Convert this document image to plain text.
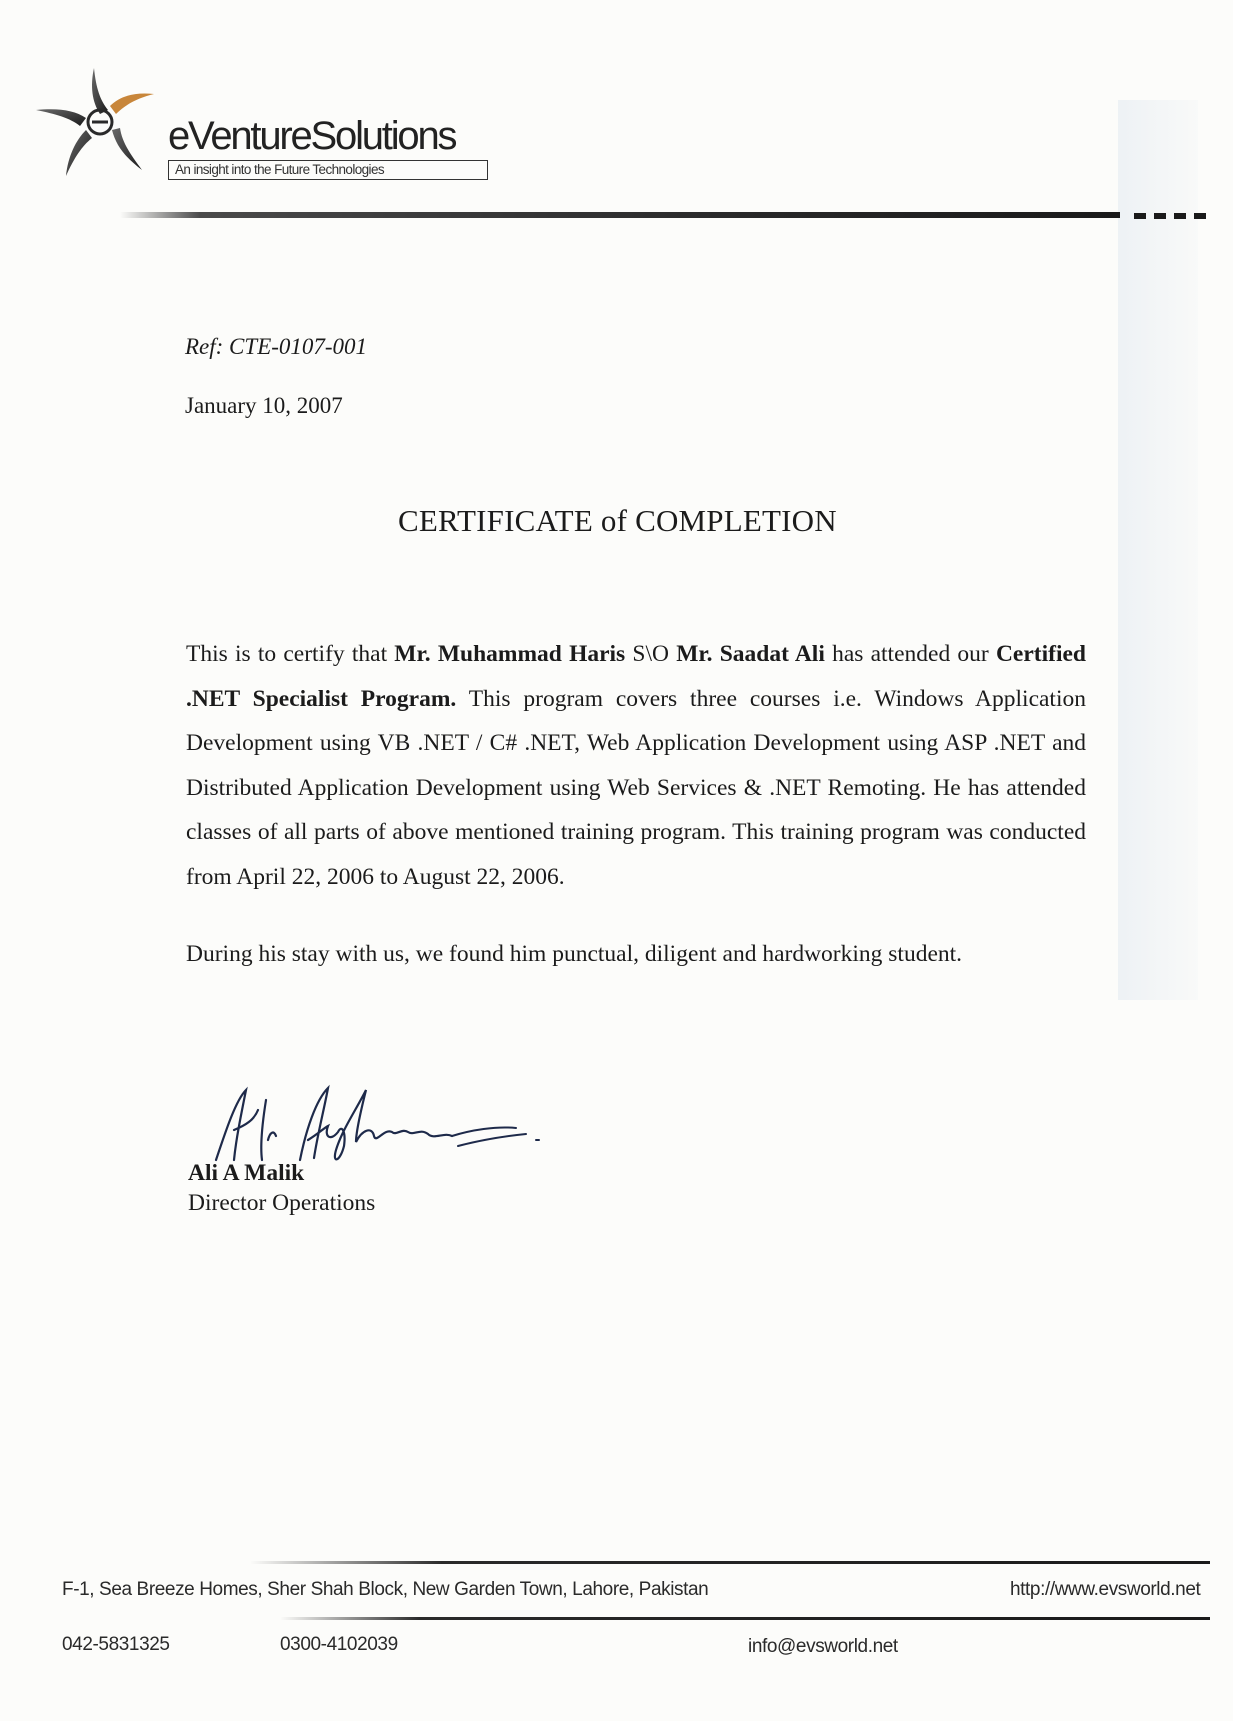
eVentureSolutions
An insight into the Future Technologies
Ref: CTE-0107-001
January 10, 2007
CERTIFICATE of COMPLETION
This is to certify that Mr. Muhammad Haris S\O Mr. Saadat Ali has attended our Certified .NET Specialist Program. This program covers three courses i.e. Windows Application Development using VB .NET / C# .NET, Web Application Development using ASP .NET and Distributed Application Development using Web Services & .NET Remoting. He has attended classes of all parts of above mentioned training program. This training program was conducted from April 22, 2006 to August 22, 2006.
During his stay with us, we found him punctual, diligent and hardworking student.
Ali A Malik
Director Operations
F-1, Sea Breeze Homes, Sher Shah Block, New Garden Town, Lahore, Pakistan	http://www.evsworld.net
042-5831325	0300-4102039	info@evsworld.net
